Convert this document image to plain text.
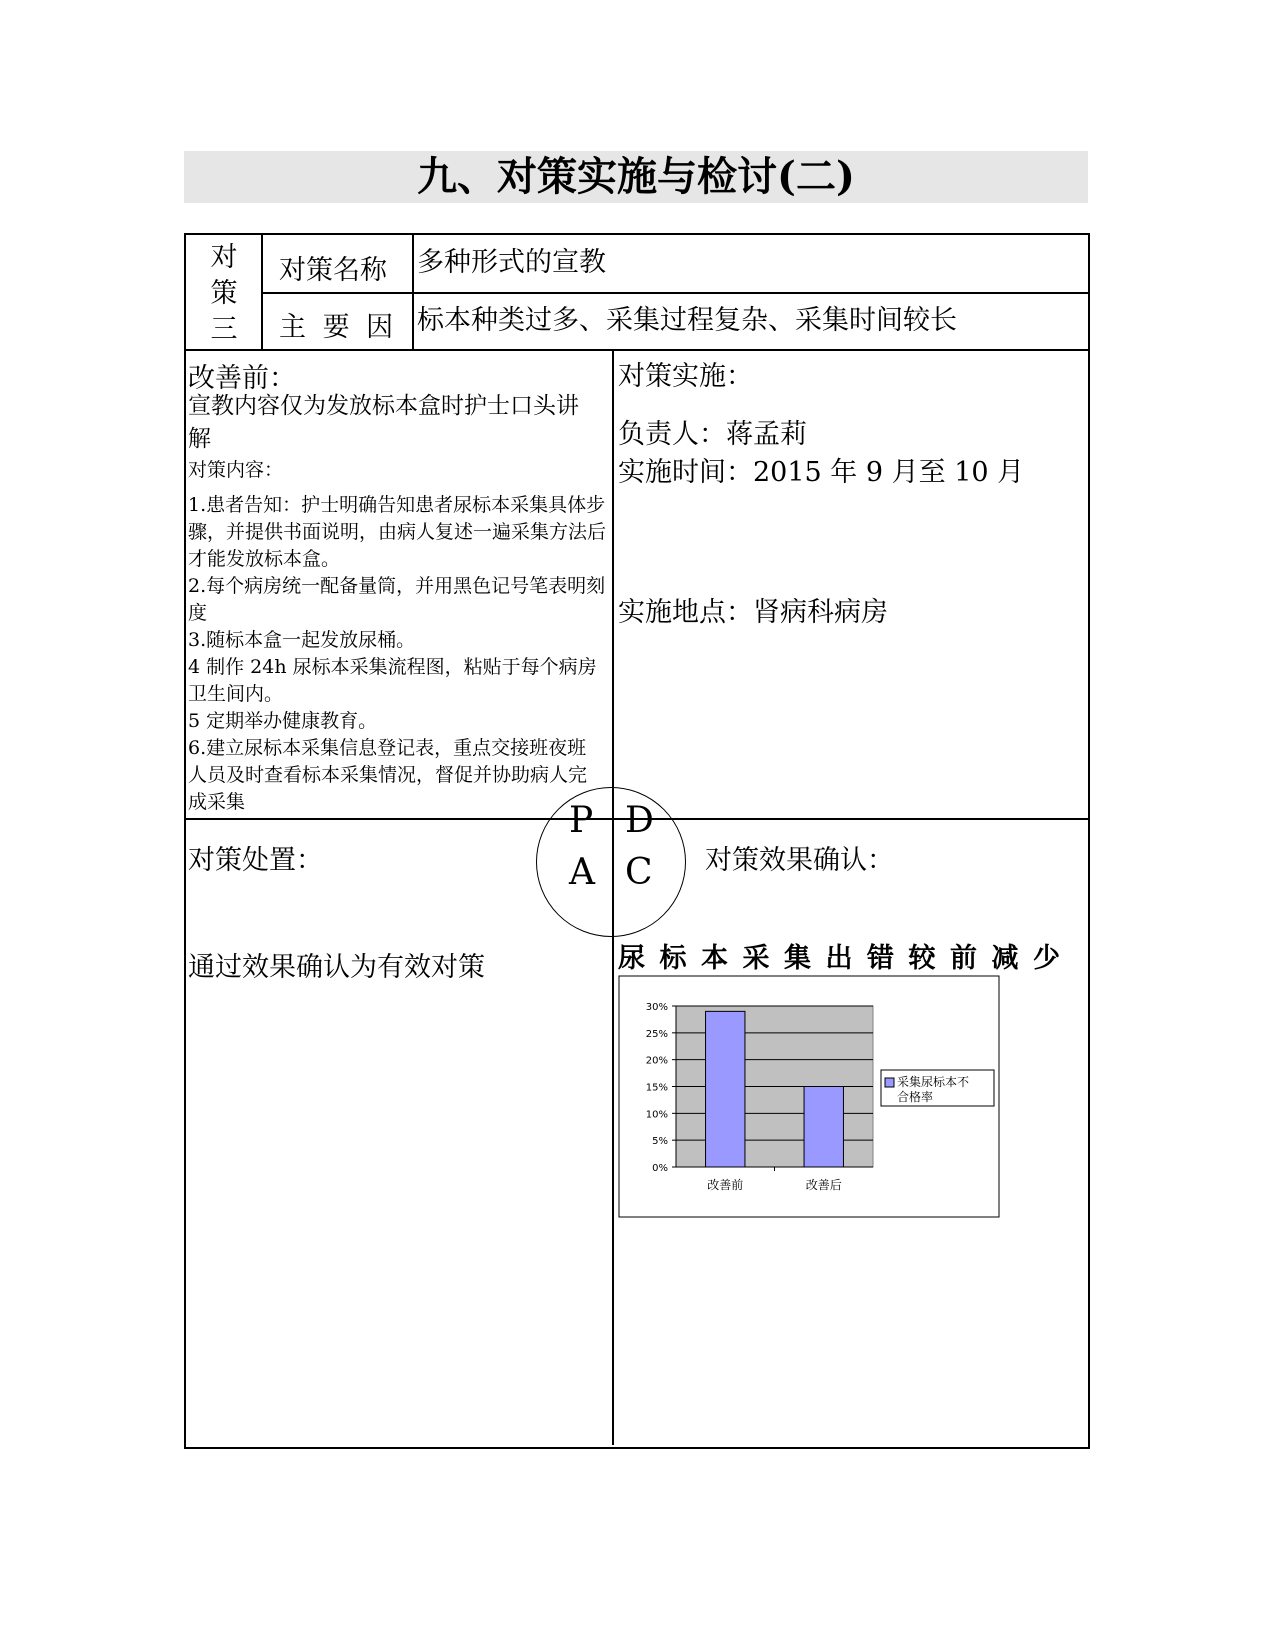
九、对策实施与检讨(二)
对
策
三
对策名称 多种形式的宣教
主 要 因 标本种类过多、采集过程复杂、采集时间较长
改善前：
宣教内容仅为发放标本盒时护士口头讲解
对策内容：
1.患者告知：护士明确告知患者尿标本采集具体步骤，并提供书面说明，由病人复述一遍采集方法后才能发放标本盒。
2.每个病房统一配备量筒，并用黑色记号笔表明刻度
3.随标本盒一起发放尿桶。
4 制作 24h 尿标本采集流程图，粘贴于每个病房卫生间内。
5 定期举办健康教育。
6.建立尿标本采集信息登记表，重点交接班夜班人员及时查看标本采集情况，督促并协助病人完成采集
对策实施：
负责人：蒋孟莉
实施时间：2015 年 9 月至 10 月
实施地点：肾病科病房
对策处置：
通过效果确认为有效对策
对策效果确认：
尿标本采集出错较前减少
P D
A C
0%
5%
10%
15%
20%
25%
30%
改善前	改善后
采集尿标本不
合格率
